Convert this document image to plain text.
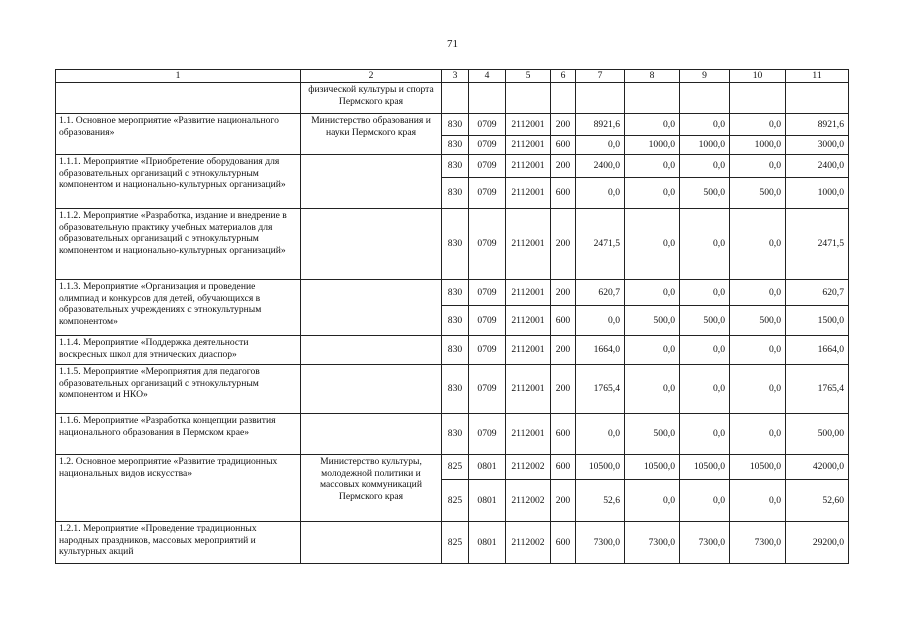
71
1	2	3	4	5	6	7	8	9	10	11
	физической культуры и спорта Пермского края									
1.1. Основное мероприятие «Развитие национального образования»	Министерство образования и науки Пермского края	830	0709	2112001	200	8921,6	0,0	0,0	0,0	8921,6
		830	0709	2112001	600	0,0	1000,0	1000,0	1000,0	3000,0
1.1.1. Мероприятие «Приобретение оборудования для образовательных организаций с этнокультурным компонентом и национально-культурных организаций»		830	0709	2112001	200	2400,0	0,0	0,0	0,0	2400,0
		830	0709	2112001	600	0,0	0,0	500,0	500,0	1000,0
1.1.2. Мероприятие «Разработка, издание и внедрение в образовательную практику учебных материалов для образовательных организаций с этнокультурным компонентом и национально-культурных организаций»		830	0709	2112001	200	2471,5	0,0	0,0	0,0	2471,5
1.1.3. Мероприятие «Организация и проведение олимпиад и конкурсов для детей, обучающихся в образовательных учреждениях с этнокультурным компонентом»		830	0709	2112001	200	620,7	0,0	0,0	0,0	620,7
		830	0709	2112001	600	0,0	500,0	500,0	500,0	1500,0
1.1.4. Мероприятие «Поддержка деятельности воскресных школ для этнических диаспор»		830	0709	2112001	200	1664,0	0,0	0,0	0,0	1664,0
1.1.5. Мероприятие «Мероприятия для педагогов образовательных организаций с этнокультурным компонентом и НКО»		830	0709	2112001	200	1765,4	0,0	0,0	0,0	1765,4
1.1.6. Мероприятие «Разработка концепции развития национального образования в Пермском крае»		830	0709	2112001	600	0,0	500,0	0,0	0,0	500,00
1.2. Основное мероприятие «Развитие традиционных национальных видов искусства»	Министерство культуры, молодежной политики и массовых коммуникаций Пермского края	825	0801	2112002	600	10500,0	10500,0	10500,0	10500,0	42000,0
		825	0801	2112002	200	52,6	0,0	0,0	0,0	52,60
1.2.1. Мероприятие «Проведение традиционных народных праздников, массовых мероприятий и культурных акций		825	0801	2112002	600	7300,0	7300,0	7300,0	7300,0	29200,0
